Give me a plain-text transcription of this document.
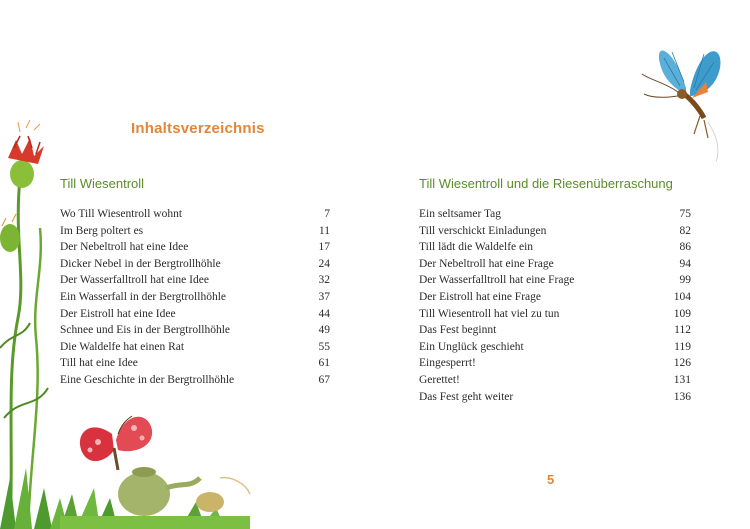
Inhaltsverzeichnis
Till Wiesentroll
Wo Till Wiesentroll wohnt	7
Im Berg poltert es	11
Der Nebeltroll hat eine Idee	17
Dicker Nebel in der Bergtrollhöhle	24
Der Wasserfalltroll hat eine Idee	32
Ein Wasserfall in der Bergtrollhöhle	37
Der Eistroll hat eine Idee	44
Schnee und Eis in der Bergtrollhöhle	49
Die Waldelfe hat einen Rat	55
Till hat eine Idee	61
Eine Geschichte in der Bergtrollhöhle	67
Till Wiesentroll und die Riesenüberraschung
Ein seltsamer Tag	75
Till verschickt Einladungen	82
Till lädt die Waldelfe ein	86
Der Nebeltroll hat eine Frage	94
Der Wasserfalltroll hat eine Frage	99
Der Eistroll hat eine Frage	104
Till Wiesentroll hat viel zu tun	109
Das Fest beginnt	112
Ein Unglück geschieht	119
Eingesperrt!	126
Gerettet!	131
Das Fest geht weiter	136
5
